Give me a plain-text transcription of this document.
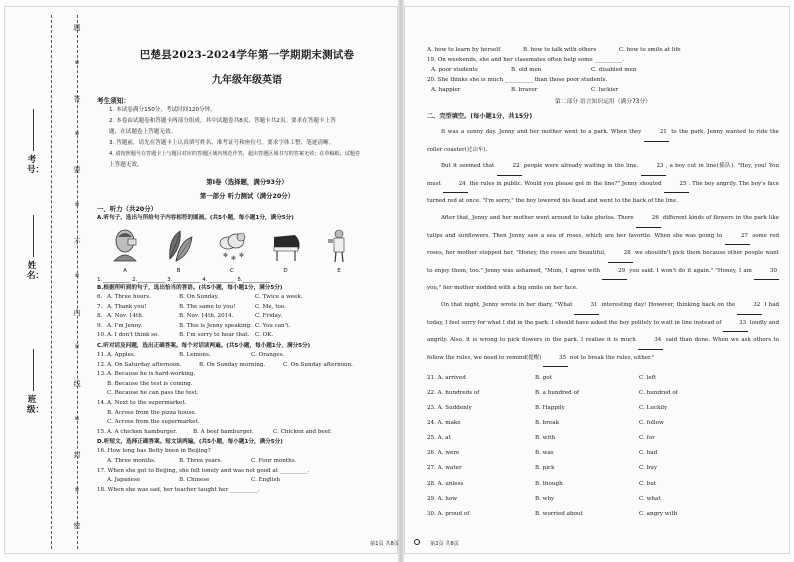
题
※
答
※
要
※
不
※
内
※
线
※
封
※
密
考号：
姓名：
班级：
巴楚县2023-2024学年第一学期期末测试卷
九年级年级英语
考生须知：
1. 本试卷满分150分，考试时间120分钟。
2. 本卷由试题卷和答题卡两部分组成，其中试题卷共8页，答题卡共2页。要求在答题卡上答
题，在试题卷上答题无效。
3. 答题前，请先在答题卡上认真填写姓名、准考证号和座位号。要求字体工整、笔迹清晰。
4. 请按照题号在答题卡上与题目对应的答题区域内规范作答，超出答题区域书写的答案无效；在草稿纸、试题卷
上答题无效。
第Ⅰ卷（选择题，满分93分）
第一部分 听力测试（满分20分）
一、听力（共20分）
A.听句子，选出与所给句子内容相符的图画。(共5小题，每小题1分，满分5分)
✻ ✻ ✻
A	B	C	D	E
1.__________ 2.__________ 3.__________ 4.__________ 5.__________
B.根据所听到的句子，选出恰当的答语。(共5小题，每小题1分，满分5分)
6. A. Three hours.	B. On Sunday.	C. Twice a week.
7. A. Thank you!	B. The same to you!	C. Me, too.
8. A. Nov. 14th.	B. Nov. 14th, 2014.	C. Friday.
9. A. I'm Jenny.	B. This is Jenny speaking. C. You can't.
10. A. I don't think so.	B. I'm sorry to hear that.	C. OK.
C.听对话及问题，选出正确答案。每个对话读两遍。(共5小题，每小题1分，满分5分)
11. A. Apples.	B. Lemons.	C. Oranges.
12. A. On Saturday afternoon.	B. On Sunday morning.	C. On Sunday afternoon.
13. A. Because he is hard-working.
B. Because the test is coming.
C. Because he can pass the test.
14. A. Next to the supermarket.
B. Across from the pizza house.
C. Across from the supermarket.
15. A. A chicken hamburger.	B. A beef hamburger.	C. Chicken and beef.
D.听短文，选择正确答案。短文读两遍。(共5小题，每小题1分，满分5分)
16. How long has Betty been in Beijing?
A. Three months.	B. Three years.	C. Four months.
17. When she got to Beijing, she felt lonely and was not good at __________.
A. Japanese	B. Chinese	C. English
18. When she was sad, her teacher taught her __________.
A. how to learn by herself	B. how to talk with others	C. how to smile at life
19. On weekends, she and her classmates often help some __________.
A. poor students	B. old men	C. disabled men
20. She thinks she is much __________ than those poor students.
A. happier	B. braver	C. luckier
第二部分 语言知识运用（满分73分）
二、完型填空。(每小题1分，共15分)

It was a sunny day. Jenny and her mother went to a park. When they	21 to the park, Jenny wanted to ride the roller coaster(过山车).

But it seemed that	22 people were already waiting in the line.	23 , a boy cut in line(插队). "Hey, you! You must	24 the rules in public. Would you please get in the line?" Jenny shouted	25 . The boy angrily. The boy's face turned red at once. "I'm sorry," the boy lowered his head and went to the back of the line.

After that, Jenny and her mother went around to take photos. There	26 different kinds of flowers in the park like tulips and sunflowers. Then Jenny saw a sea of roses, which are her favorite. When she was going to	27 some red roses, her mother stopped her, "Honey, the roses are beautiful,	28 we shouldn't pick them because other people want to enjoy them, too." Jenny was ashamed, "Mum, I agree with	29 you said. I won't do it again." "Honey, I am	30 you," her mother nodded with a big smile on her face.

On that night, Jenny wrote in her diary, "What	31 interesting day! However, thinking back on the	32 I had today, I feel sorry for what I did in the park. I should have asked the boy politely to wait in line instead of	33 loudly and angrily. Also, it is wrong to pick flowers in the park. I realize it is much	34 said than done. When we ask others to follow the rules, we need to remind(提醒)	35 not to break the rules, either."

21. A. arrived	B. got	C. left
22. A. hundreds of	B. a hundred of	C. hundred of
23. A. Suddenly	B. Happily	C. Luckily
24. A. make	B. break	C. follow
25. A. at	B. with	C. for
26. A. were	B. was	C. had
27. A. water	B. pick	C. buy
28. A. unless	B. though	C. but
29. A. how	B. why	C. what
30. A. proud of	B. worried about	C. angry with
第1页 共8页	第2页 共8页
